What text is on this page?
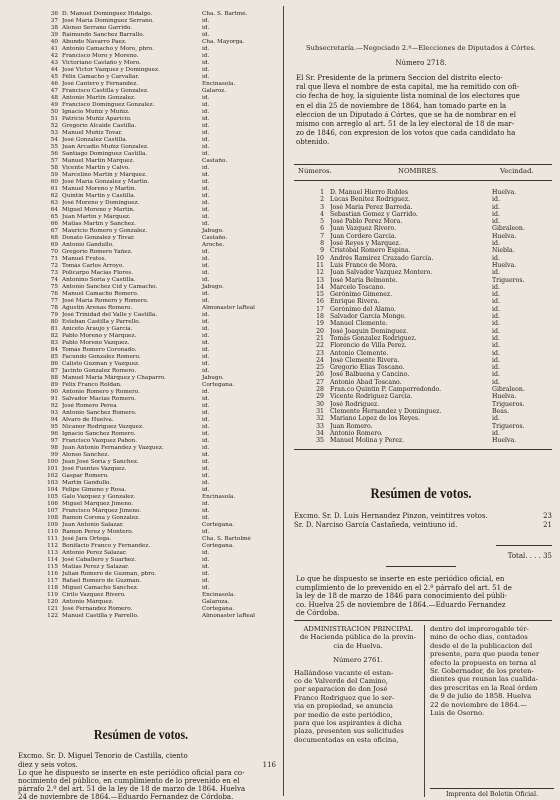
36 D. Manuel Dominguez Hidalgo.	Cha. S. Bartmé.
37 José María Dominguez Serrano.	id.
38 Alonso Serrano Garrido.	id.
39 Raimundo Sanchez Barrallo.	id.
40 Abundo Navarro Paez.	Cha. Mayorga.
41 Antonio Camacho y Moro, pbro.	id.
42 Francisco Moro y Moreno.	id.
43 Victoriano Castaño y Moro.	id.
44 José Victor Vazquez y Dominguez.	id.
45 Félix Camacho y Carvallar.	id.
46 José Cantero y Fernandez.	Encinasola.
47 Francisco Castilla y Gonzalez.	Galaroz.
48 Antonio Martin Gonzalez.	id.
49 Francisco Dominguez Gonzalez.	id.
50 Ignacio Muñiz y Muñiz.	id.
51 Patricio Muñiz Aparicio.	id.
52 Gregorio Alcaide Castilla.	id.
53 Manuel Muñiz Tovar.	id.
54 José Gonzalez Castilla.	id.
55 Juan Arcadio Muñiz Gonzalez.	id.
56 Santiago Dominguez Castilla.	id.
57 Manuel Martin Márquez.	Castaño.
58 Vicente Martin y Calvo.	id.
59 Marcelino Martin y Márquez.	id.
60 José María Gonzalez y Martin.	id.
61 Manuel Moreno y Martin.	id.
62 Quintin Martin y Castilla.	id.
63 José Moreno y Dominguez.	id.
64 Miguel Moreno y Martin.	id.
65 Juan Martin y Márquez.	id.
66 Matias Martin y Sanchez.	id.
67 Mauricio Romero y Gonzalez.	Jabugo.
68 Donato Gonzalez y Tovar.	Castaño.
69 Antonio Gandullo.	Aroche.
70 Gregorio Romero Yañez.	id.
71 Manuel Frutos.	id.
72 Tomás Carlos Arroyo.	id.
73 Policarpo Macias Flores.	id.
74 Antonino Soria y Castilla.	id.
75 Antonio Sanchez Cid y Camacho.	Jabugo.
76 Manuel Camacho Romero.	id.
77 José María Romero y Romero.	id.
78 Agustin Arenas Romero.	Almonaster laReal
79 José Trinidad del Valle y Castilla.	id.
80 Esteban Castilla y Parrello.	id.
81 Aniceto Araujo y Garcia.	id.
82 Pablo Moreno y Márquez.	id.
83 Pablo Moreno Vazquez.	id.
84 Tomás Romero Coronado.	id.
85 Facundo Gonzalez Romero.	id.
86 Calisto Guzman y Vazquez.	id.
87 Jacinto Gonzalez Romero.	id.
88 Manuel María Márquez y Chaparro.	Jabugo.
89 Félix Franco Roldan.	Cortegana.
90 Antonio Romero y Romero.	id.
91 Salvador Macias Romero.	id.
92 José Romero Perea	id.
93 Antonio Sanchez Romero.	id.
94 Alvaro de Huelva.	id.
95 Nicanor Rodriguez Vazquez.	id.
96 Ignacio Sanchez Romero.	id.
97 Francisco Vazquez Pabon.	id.
98 Juan Antonio Fernandez y Vazquez.	id.
99 Alonso Sanchez.	id.
100 Juan José Soria y Sanchez.	id.
101 José Fuentes Vazquez.	id.
102 Gaspar Romero.	id.
103 Martin Gandullo.	id.
104 Felipe Gimeno y Rosa.	id.
105 Galo Vazquez y Gonzalez.	Encinasola.
106 Miguel Márquez Jimeno.	id.
107 Francisco Márquez Jimeno.	id.
108 Ramon Corona y Gonzalez.	id.
109 Juan Antonio Salazar.	Cortegana.
110 Ramon Perez y Montero.	id.
111 José Jara Ortega.	Cha. S. Bartolmé
112 Bonifacio Franco y Fernandez.	Cortegana.
113 Antonio Perez Salazar.	id.
114 José Caballero y Suarhez.	id.
115 Matias Perez y Salazar.	id.
116 Julian Romero de Guzman, pbro.	id.
117 Rafael Romero de Guzman.	id.
118 Miguel Camacho Sanchez.	id.
119 Cirilo Vazquez Rivero.	Encinasola.
120 Antonio Márquez.	Galaroza.
121 José Fernandez Romero.	Cortegana.
122 Manuel Castilla y Parrello.	Almonaster laReal
Resúmen de votos.
Excmo. Sr. D. Miguel Tenorio de Castilla, ciento
diez y seis votos.	116
Lo que he dispuesto se inserte en este periódico oficial para co-
nocimiento del público, en cumplimiento de lo prevenido en el
párrafo 2.º del art. 51 de la ley de 18 de marzo de 1864. Huelva
24 de noviembre de 1864.—Eduardo Fernandez de Córdoba.
Subsecretaría.—Negociado 2.º—Elecciones de Diputados á Córtes.
Número 2718.
El Sr. Presidente de la primera Seccion del distrito electo-
ral que lleva el nombre de esta capital, me ha remitido con ofi-
cio fecha de hoy, la siguiente lista nominal de los electores que
en el dia 25 de noviembre de 1864, han tomado parte en la
eleccion de un Diputado á Córtes, que se ha de nombrar en el
mismo con arreglo al art. 51 de la ley electoral de 18 de mar-
zo de 1846, con expresion de los votos que cada candidato ha
obtenido.
Números.	NOMBRES.	Vecindad.
1 D. Manuel Hierro Robles	Huelva.
2 Lúcas Benitez Rodriguez.	id.
3 José María Perez Barreda.	id.
4 Sebastian Gomez y Garrido.	id.
5 José Pablo Perez Mora.	id.
6 Juan Vazquez Rivero.	Gibraleon.
7 Juan Cordero García.	Huelva.
8 José Reyes y Marquez.	id.
9 Cristóbal Romero Espina.	Niebla.
10 Andrés Ramirez Cruzado García.	id.
11 Luis Franco de Mora.	Huelva.
12 Juan Salvador Vazquez Montero.	id.
13 José María Belmonte.	Trigueros.
14 Marcelo Toscano.	id.
15 Gerónimo Gimenez.	id.
16 Enrique Rivera.	id.
17 Gerónimo del Alamo.	id.
18 Salvador García Monge.	id.
19 Manuel Clemente.	id.
20 José Joaquin Dominguez.	id.
21 Tomás Gonzalez Rodriguez.	id.
22 Florencio de Villa Perez.	id.
23 Antonio Clemente.	id.
24 José Clemente Rivera.	id.
25 Gregorio Elías Toscano.	id.
26 José Balbuena y Cancino.	id.
27 Antonio Abad Toscano.	id.
28 Fran.co Quintin P. Camporredondo.	Gibraleon.
29 Vicente Rodriguez García.	Huelva.
30 José Rodriguez.	Trigueros.
31 Clemente Hernandez y Dominguez.	Beas.
32 Mariano Lopez de los Reyes.	id.
33 Juan Romero.	Trigueros.
34 Antonio Romero.	id.
35 Manuel Molina y Perez.	Huelva.
Resúmen de votos.
Excmo. Sr. D. Luis Hernandez Pinzon, veintitres votos.	23
Sr. D. Narciso García Castañeda, veintiuno id.	21
Total. . . . 35
Lo que he dispuesto se inserte en este periódico oficial, en
cumplimiento de lo prevenido en el 2.º párrafo del art. 51 de
la ley de 18 de marzo de 1846 para conocimiento del públi-
co. Huelva 25 de noviembre de 1864.—Eduardo Fernandez
de Córdoba.
ADMINISTRACION PRINCIPAL
de Hacienda pública de la provin-
cia de Huelva.
Número 2761.
Hallándose vacante el estan-
co de Valverde del Camino,
por separacion de don José
Franco Rodriguez que lo ser-
via en propiedad, se anuncia
por medio de este periódico,
para que los aspirantes á dicha
plaza, presenten sus solicitudes
documentadas en esta oficina,
dentro del improrogable tér-
mino de ocho dias, contados
desde el de la publicacion del
presente, para que pueda tener
efecto la propuesta en terna al
Sr. Gobernador, de los preten-
dientes que reunan las cualida-
des prescritas en la Real órden
de 9 de julio de 1858. Huelva
22 de noviembre de 1864.—
Luis de Osorno.
Imprenta del Boletin Oficial.
